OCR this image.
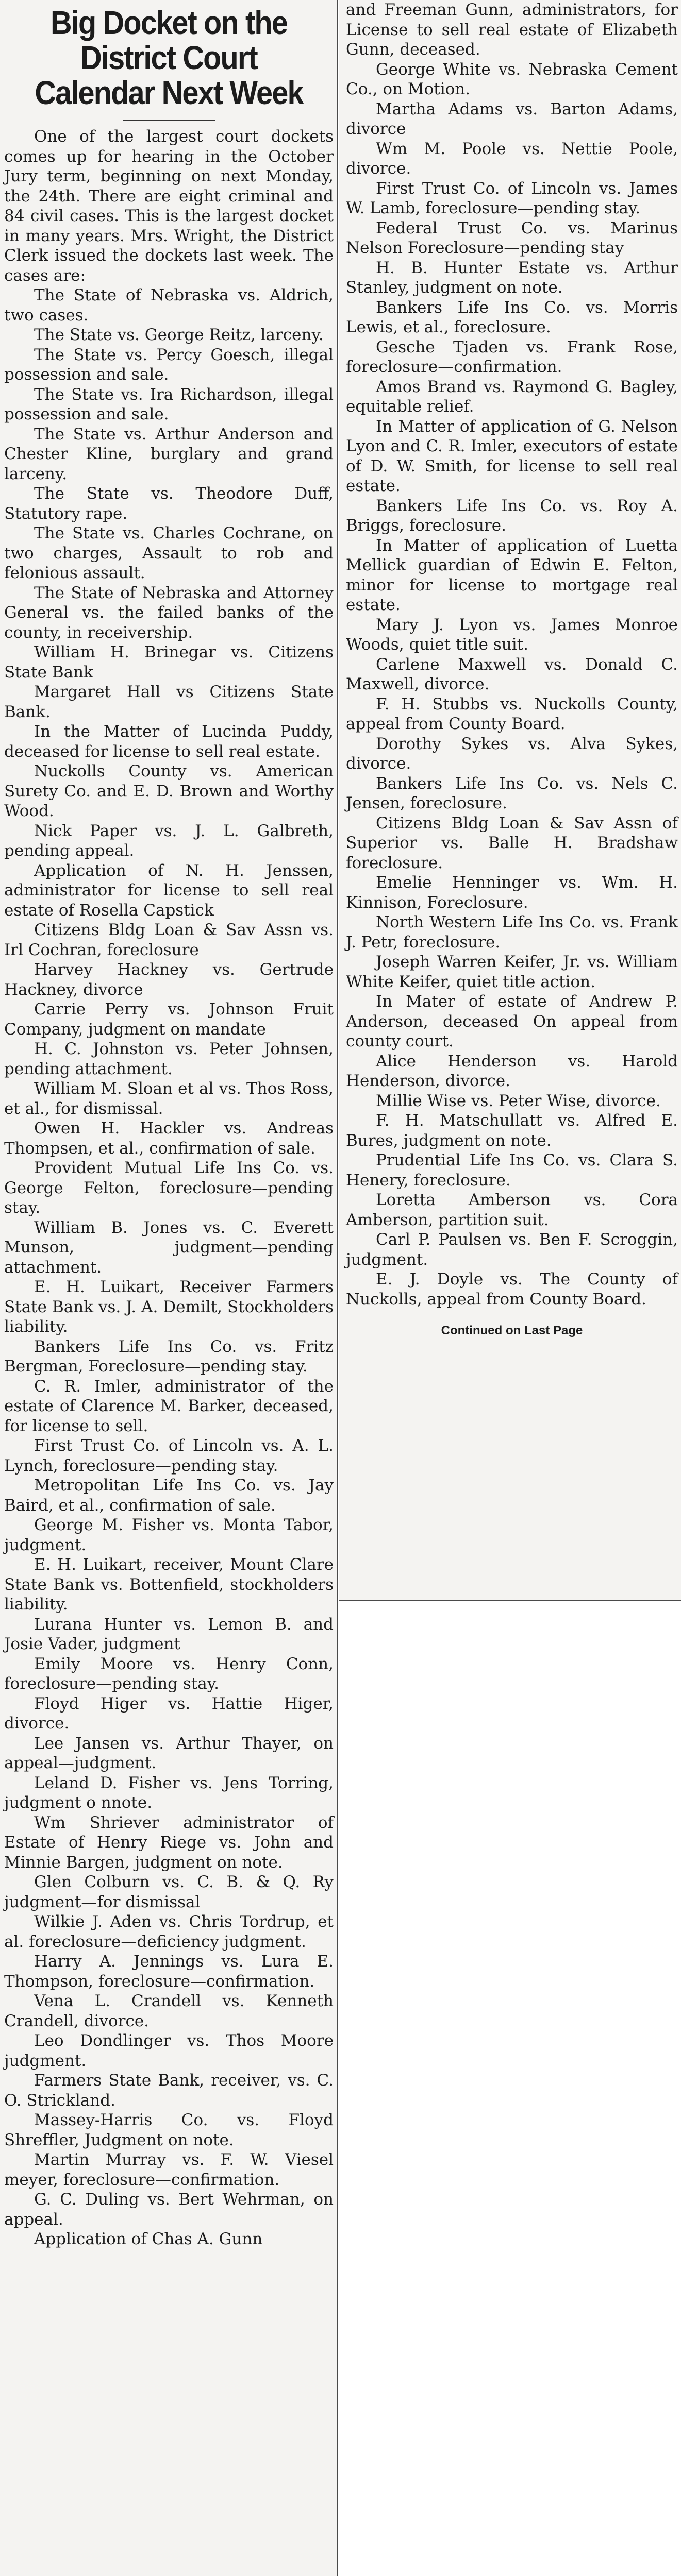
Big Docket on the District Court Calendar Next Week

One of the largest court dockets comes up for hearing in the October Jury term, beginning on next Monday, the 24th. There are eight criminal and 84 civil cases. This is the largest docket in many years. Mrs. Wright, the District Clerk issued the dockets last week. The cases are:

The State of Nebraska vs. Aldrich, two cases.

The State vs. George Reitz, larceny.

The State vs. Percy Goesch, illegal possession and sale.

The State vs. Ira Richardson, illegal possession and sale.

The State vs. Arthur Anderson and Chester Kline, burglary and grand larceny.

The State vs. Theodore Duff, Statutory rape.

The State vs. Charles Cochrane, on two charges, Assault to rob and felonious assault.

The State of Nebraska and Attorney General vs. the failed banks of the county, in receivership.

William H. Brinegar vs. Citizens State Bank

Margaret Hall vs Citizens State Bank.

In the Matter of Lucinda Puddy, deceased for license to sell real estate.

Nuckolls County vs. American Surety Co. and E. D. Brown and Worthy Wood.

Nick Paper vs. J. L. Galbreth, pending appeal.

Application of N. H. Jenssen, administrator for license to sell real estate of Rosella Capstick

Citizens Bldg Loan & Sav Assn vs. Irl Cochran, foreclosure

Harvey Hackney vs. Gertrude Hackney, divorce

Carrie Perry vs. Johnson Fruit Company, judgment on mandate

H. C. Johnston vs. Peter Johnsen, pending attachment.

William M. Sloan et al vs. Thos Ross, et al., for dismissal.

Owen H. Hackler vs. Andreas Thompsen, et al., confirmation of sale.

Provident Mutual Life Ins Co. vs. George Felton, foreclosure—pending stay.

William B. Jones vs. C. Everett Munson, judgment—pending attachment.

E. H. Luikart, Receiver Farmers State Bank vs. J. A. Demilt, Stockholders liability.

Bankers Life Ins Co. vs. Fritz Bergman, Foreclosure—pending stay.

C. R. Imler, administrator of the estate of Clarence M. Barker, deceased, for license to sell.

First Trust Co. of Lincoln vs. A. L. Lynch, foreclosure—pending stay.

Metropolitan Life Ins Co. vs. Jay Baird, et al., confirmation of sale.

George M. Fisher vs. Monta Tabor, judgment.

E. H. Luikart, receiver, Mount Clare State Bank vs. Bottenfield, stockholders liability.

Lurana Hunter vs. Lemon B. and Josie Vader, judgment

Emily Moore vs. Henry Conn, foreclosure—pending stay.

Floyd Higer vs. Hattie Higer, divorce.

Lee Jansen vs. Arthur Thayer, on appeal—judgment.

Leland D. Fisher vs. Jens Torring, judgment o nnote.

Wm Shriever administrator of Estate of Henry Riege vs. John and Minnie Bargen, judgment on note.

Glen Colburn vs. C. B. & Q. Ry judgment—for dismissal

Wilkie J. Aden vs. Chris Tordrup, et al. foreclosure—deficiency judgment.

Harry A. Jennings vs. Lura E. Thompson, foreclosure—confirmation.

Vena L. Crandell vs. Kenneth Crandell, divorce.

Leo Dondlinger vs. Thos Moore judgment.

Farmers State Bank, receiver, vs. C. O. Strickland.

Massey-Harris Co. vs. Floyd Shreffler, Judgment on note.

Martin Murray vs. F. W. Viesel meyer, foreclosure—confirmation.

G. C. Duling vs. Bert Wehrman, on appeal.

Application of Chas A. Gunn

and Freeman Gunn, administrators, for License to sell real estate of Elizabeth Gunn, deceased.

George White vs. Nebraska Cement Co., on Motion.

Martha Adams vs. Barton Adams, divorce

Wm M. Poole vs. Nettie Poole, divorce.

First Trust Co. of Lincoln vs. James W. Lamb, foreclosure—pending stay.

Federal Trust Co. vs. Marinus Nelson Foreclosure—pending stay

H. B. Hunter Estate vs. Arthur Stanley, judgment on note.

Bankers Life Ins Co. vs. Morris Lewis, et al., foreclosure.

Gesche Tjaden vs. Frank Rose, foreclosure—confirmation.

Amos Brand vs. Raymond G. Bagley, equitable relief.

In Matter of application of G. Nelson Lyon and C. R. Imler, executors of estate of D. W. Smith, for license to sell real estate.

Bankers Life Ins Co. vs. Roy A. Briggs, foreclosure.

In Matter of application of Luetta Mellick guardian of Edwin E. Felton, minor for license to mortgage real estate.

Mary J. Lyon vs. James Monroe Woods, quiet title suit.

Carlene Maxwell vs. Donald C. Maxwell, divorce.

F. H. Stubbs vs. Nuckolls County, appeal from County Board.

Dorothy Sykes vs. Alva Sykes, divorce.

Bankers Life Ins Co. vs. Nels C. Jensen, foreclosure.

Citizens Bldg Loan & Sav Assn of Superior vs. Balle H. Bradshaw foreclosure.

Emelie Henninger vs. Wm. H. Kinnison, Foreclosure.

North Western Life Ins Co. vs. Frank J. Petr, foreclosure.

Joseph Warren Keifer, Jr. vs. William White Keifer, quiet title action.

In Mater of estate of Andrew P. Anderson, deceased On appeal from county court.

Alice Henderson vs. Harold Henderson, divorce.

Millie Wise vs. Peter Wise, divorce.

F. H. Matschullatt vs. Alfred E. Bures, judgment on note.

Prudential Life Ins Co. vs. Clara S. Henery, foreclosure.

Loretta Amberson vs. Cora Amberson, partition suit.

Carl P. Paulsen vs. Ben F. Scroggin, judgment.

E. J. Doyle vs. The County of Nuckolls, appeal from County Board.

Continued on Last Page
